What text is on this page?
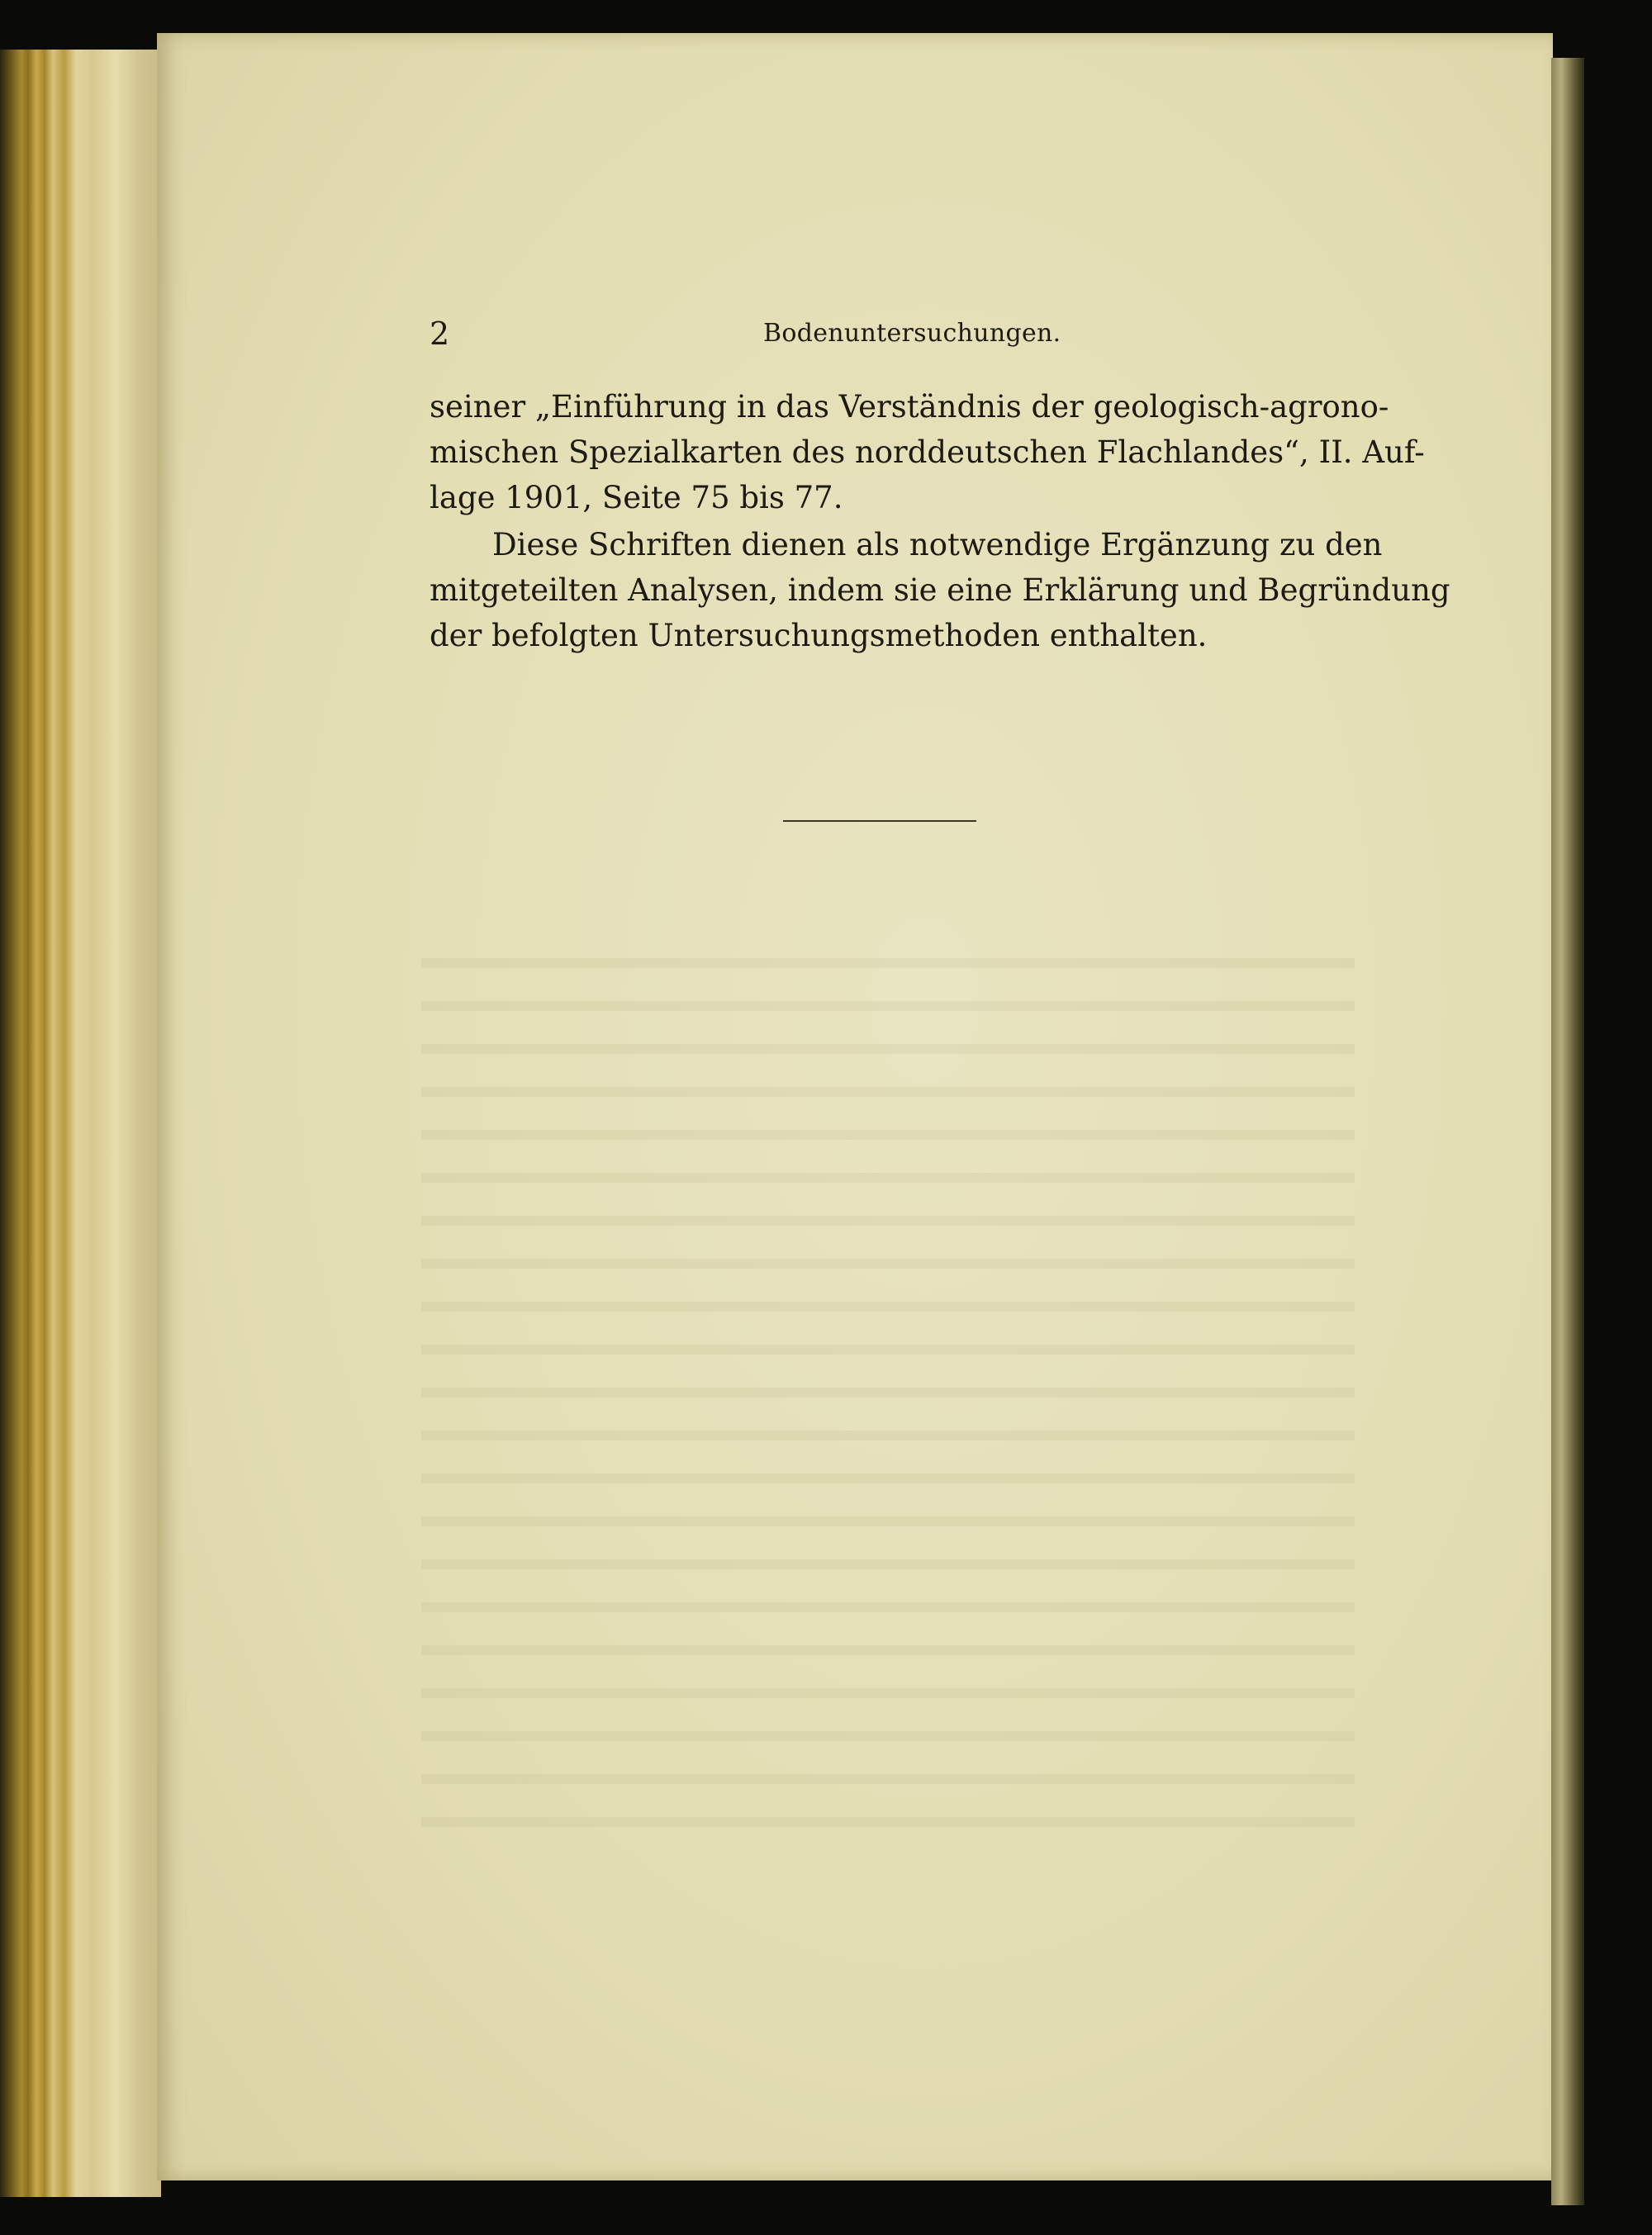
2	Bodenuntersuchungen.
seiner „Einführung in das Verständnis der geologisch-agrono-
mischen Spezialkarten des norddeutschen Flachlandes“, II. Auf-
lage 1901, Seite 75 bis 77.
Diese Schriften dienen als notwendige Ergänzung zu den
mitgeteilten Analysen, indem sie eine Erklärung und Begründung
der befolgten Untersuchungsmethoden enthalten.
